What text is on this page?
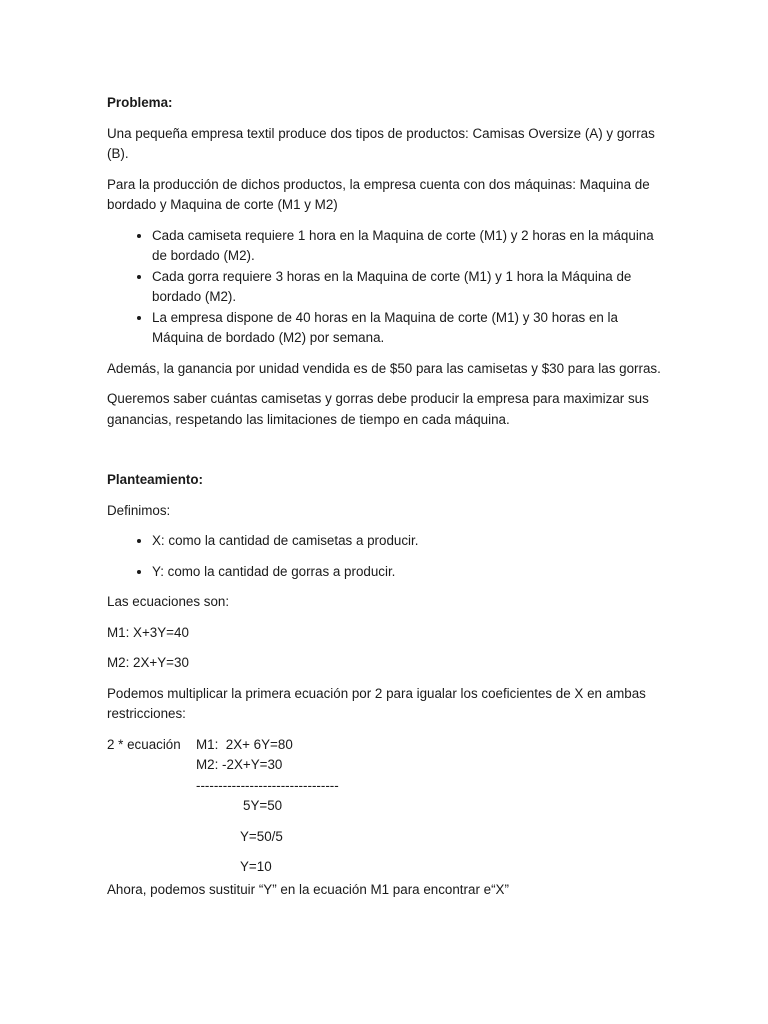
Problema:

Una pequeña empresa textil produce dos tipos de productos: Camisas Oversize (A) y gorras (B).

Para la producción de dichos productos, la empresa cuenta con dos máquinas: Maquina de bordado y Maquina de corte (M1 y M2)

• Cada camiseta requiere 1 hora en la Maquina de corte (M1) y 2 horas en la máquina de bordado (M2).
• Cada gorra requiere 3 horas en la Maquina de corte (M1) y 1 hora la Máquina de bordado (M2).
• La empresa dispone de 40 horas en la Maquina de corte (M1) y 30 horas en la Máquina de bordado (M2) por semana.

Además, la ganancia por unidad vendida es de $50 para las camisetas y $30 para las gorras.

Queremos saber cuántas camisetas y gorras debe producir la empresa para maximizar sus ganancias, respetando las limitaciones de tiempo en cada máquina.

Planteamiento:

Definimos:

• X: como la cantidad de camisetas a producir.
• Y: como la cantidad de gorras a producir.

Las ecuaciones son:

M1: X+3Y=40

M2: 2X+Y=30

Podemos multiplicar la primera ecuación por 2 para igualar los coeficientes de X en ambas restricciones:

2 * ecuación	M1:  2X+ 6Y=80
M2: -2X+Y=30
--------------------------------
5Y=50
Y=50/5
Y=10

Ahora, podemos sustituir “Y” en la ecuación M1 para encontrar e“X”
